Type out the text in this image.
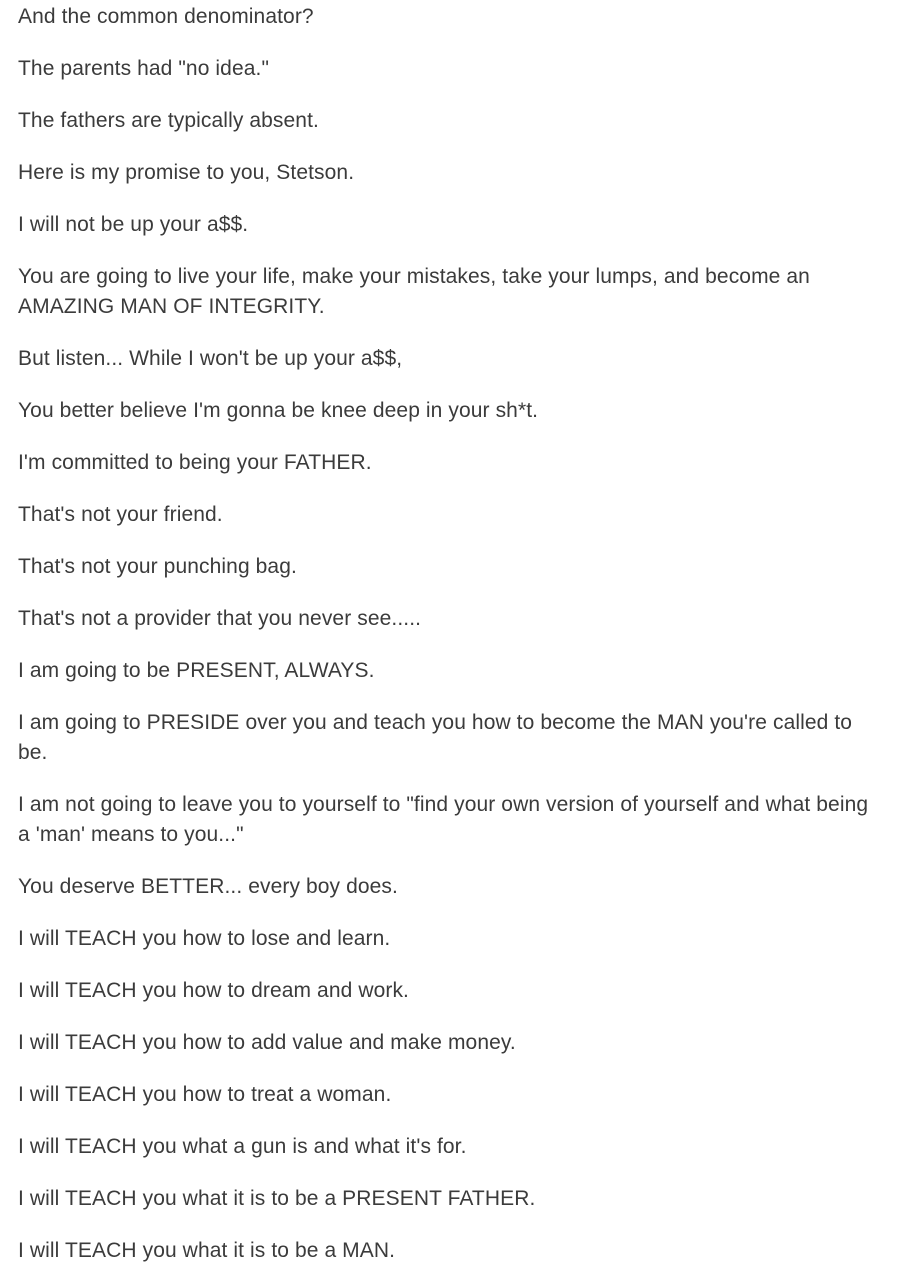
And the common denominator?

The parents had "no idea."

The fathers are typically absent.

Here is my promise to you, Stetson.

I will not be up your a$$.

You are going to live your life, make your mistakes, take your lumps, and become an AMAZING MAN OF INTEGRITY.

But listen... While I won't be up your a$$,

You better believe I'm gonna be knee deep in your sh*t.

I'm committed to being your FATHER.

That's not your friend.

That's not your punching bag.

That's not a provider that you never see.....

I am going to be PRESENT, ALWAYS.

I am going to PRESIDE over you and teach you how to become the MAN you're called to be.

I am not going to leave you to yourself to "find your own version of yourself and what being a 'man' means to you..."

You deserve BETTER... every boy does.

I will TEACH you how to lose and learn.

I will TEACH you how to dream and work.

I will TEACH you how to add value and make money.

I will TEACH you how to treat a woman.

I will TEACH you what a gun is and what it's for.

I will TEACH you what it is to be a PRESENT FATHER.

I will TEACH you what it is to be a MAN.
